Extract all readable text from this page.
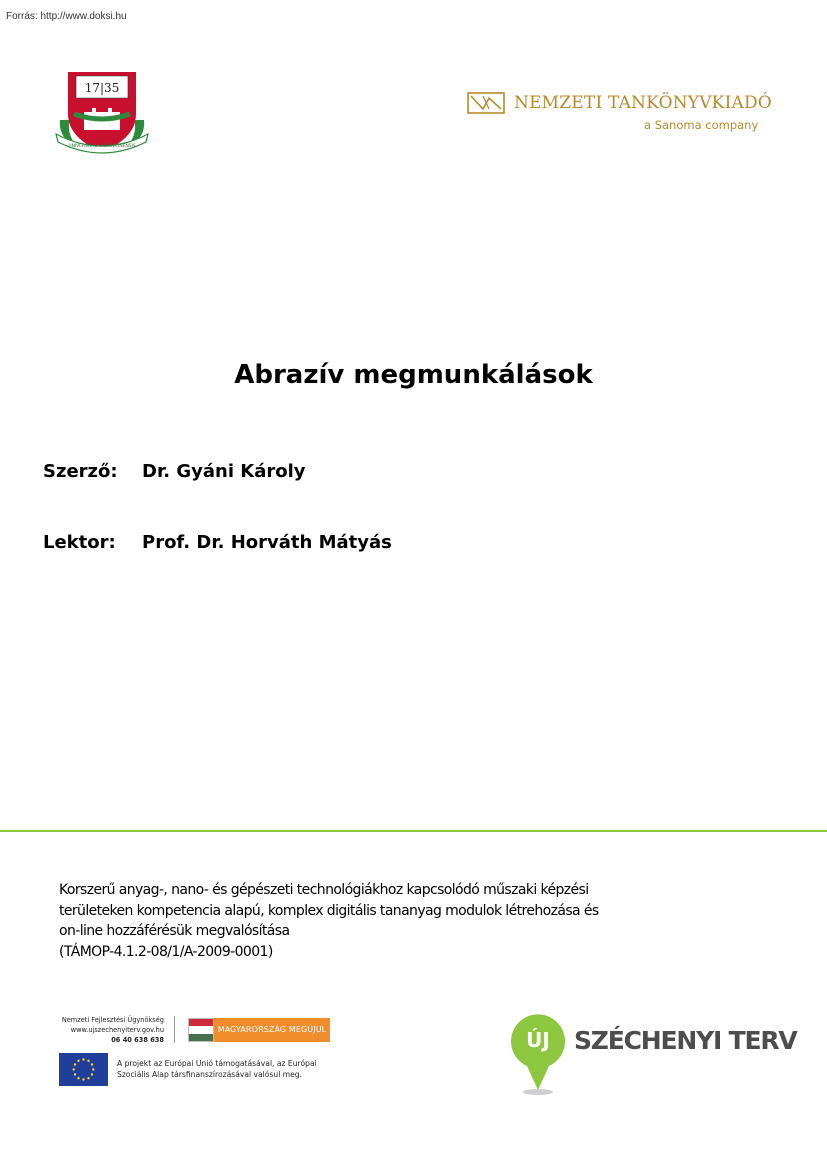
Forrás: http://www.doksi.hu
17|35
UNIVERSITAS MISKOLCINENSIS
NEMZETI TANKÖNYVKIADÓ
a Sanoma company
Abrazív megmunkálások
Szerző: Dr. Gyáni Károly
Lektor: Prof. Dr. Horváth Mátyás
Korszerű anyag-, nano- és gépészeti technológiákhoz kapcsolódó műszaki képzési
területeken kompetencia alapú, komplex digitális tananyag modulok létrehozása és
on-line hozzáférésük megvalósítása
(TÁMOP-4.1.2-08/1/A-2009-0001)
Nemzeti Fejlesztési Ügynökség
www.ujszechenyiterv.gov.hu
06 40 638 638
MAGYARORSZÁG MEGÚJUL
A projekt az Európai Unió támogatásával, az Európai
Szociális Alap társfinanszírozásával valósul meg.
ÚJ SZÉCHENYI TERV
